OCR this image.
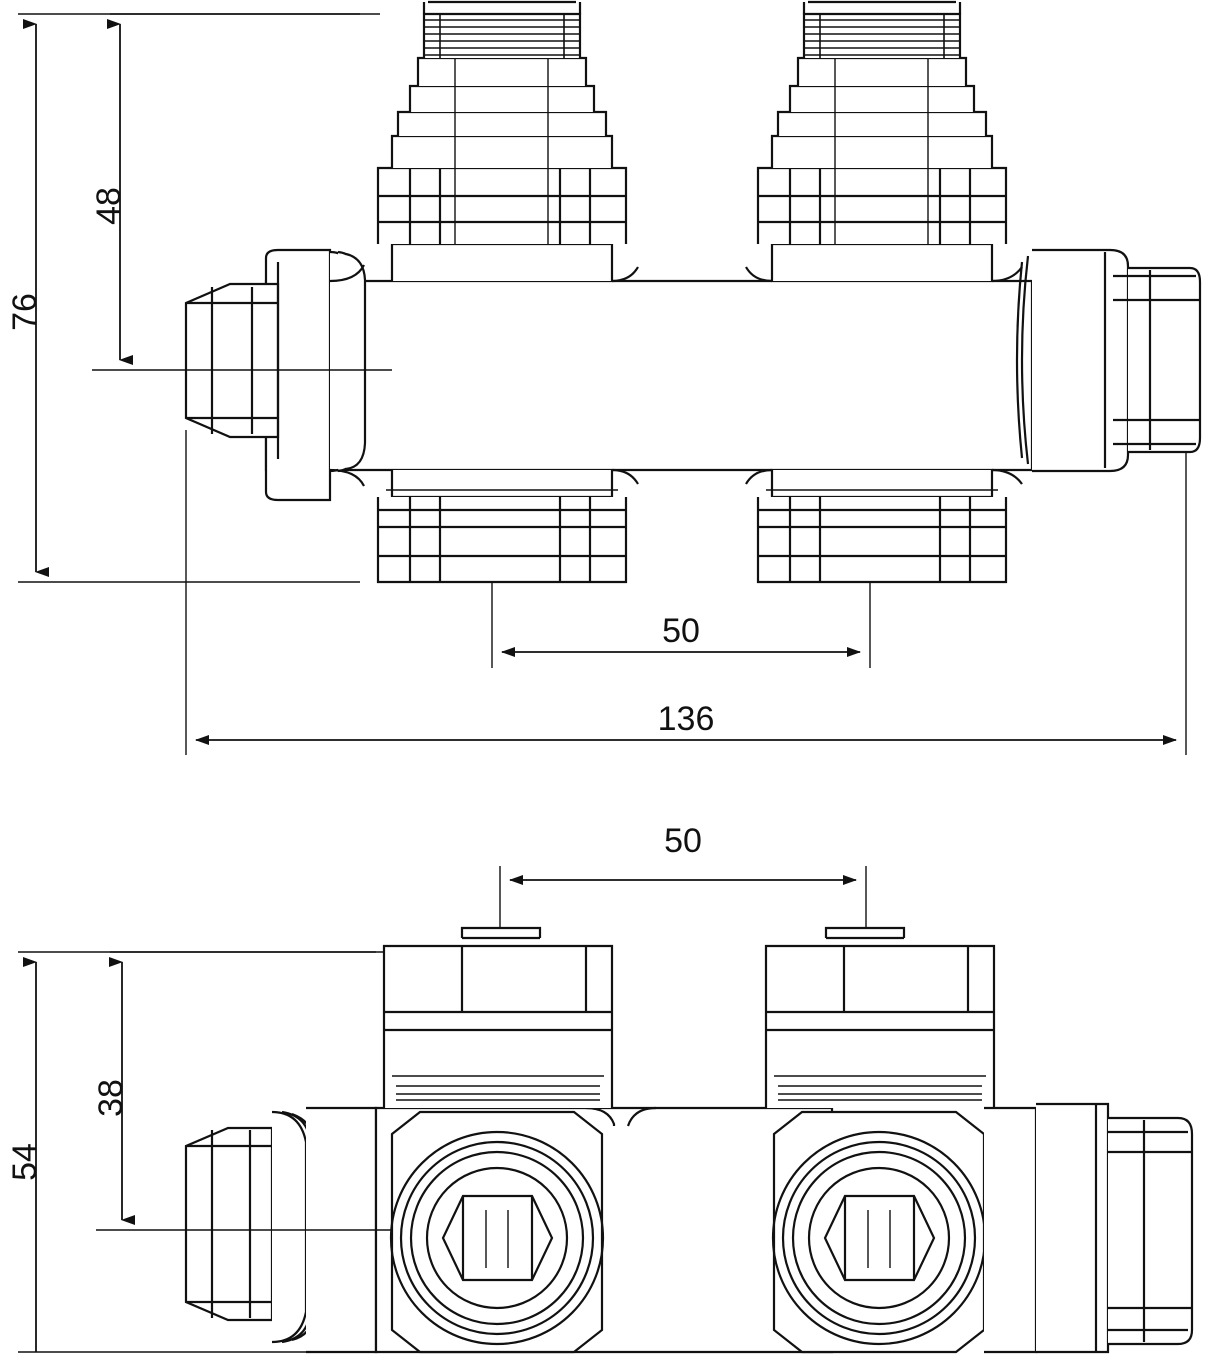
76
48
50
136
50
54
38
